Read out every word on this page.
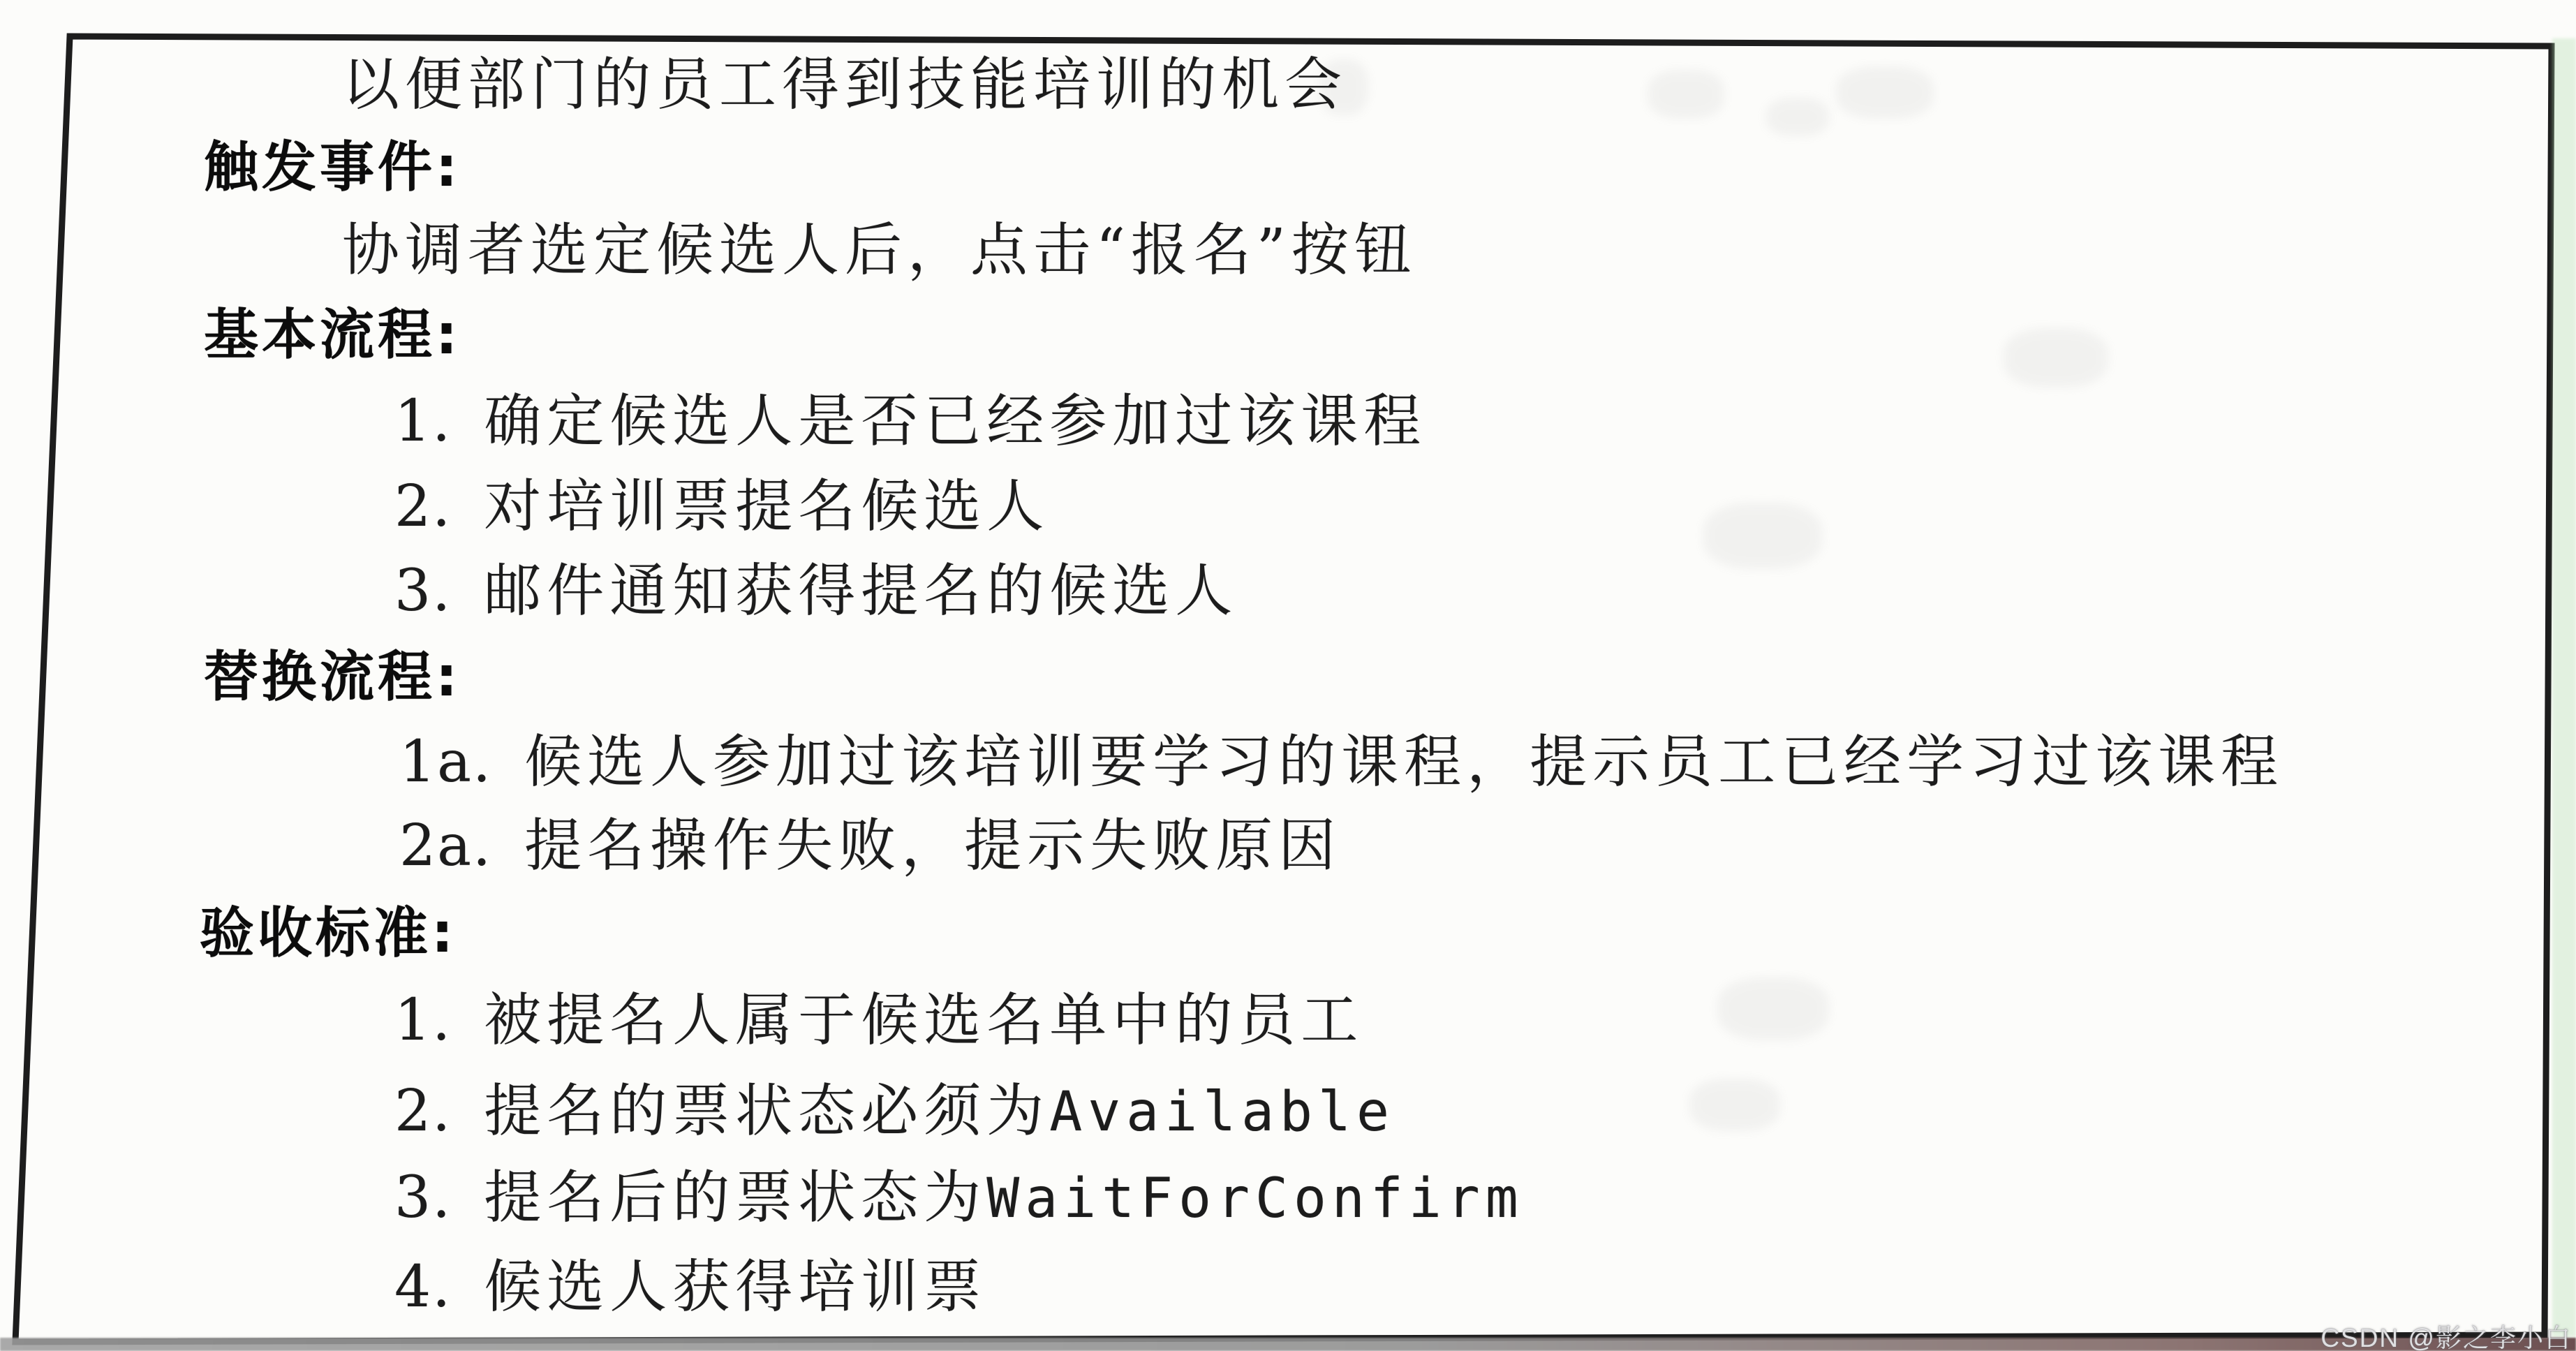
以便部门的员工得到技能培训的机会
触发事件:
协调者选定候选人后，点击“报名”按钮
基本流程:
1. 确定候选人是否已经参加过该课程
2. 对培训票提名候选人
3. 邮件通知获得提名的候选人
替换流程:
1a. 候选人参加过该培训要学习的课程，提示员工已经学习过该课程
2a. 提名操作失败，提示失败原因
验收标准:
1. 被提名人属于候选名单中的员工
2. 提名的票状态必须为Available
3. 提名后的票状态为WaitForConfirm
4. 候选人获得培训票
CSDN @影之李小白
